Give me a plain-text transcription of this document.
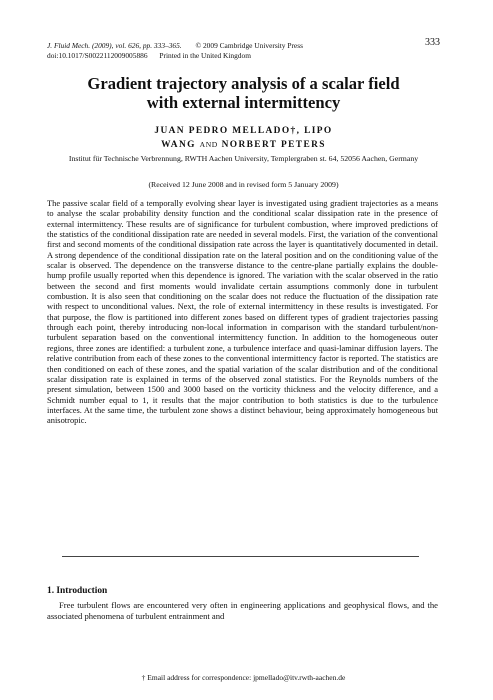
J. Fluid Mech. (2009), vol. 626, pp. 333–365. © 2009 Cambridge University Press	333
doi:10.1017/S0022112009005886 Printed in the United Kingdom
Gradient trajectory analysis of a scalar field
with external intermittency
JUAN PEDRO MELLADO†, LIPO
WANG AND NORBERT PETERS
Institut für Technische Verbrennung, RWTH Aachen University, Templergraben st. 64, 52056 Aachen, Germany
(Received 12 June 2008 and in revised form 5 January 2009)
The passive scalar field of a temporally evolving shear layer is investigated using gradient trajectories as a means to analyse the scalar probability density function and the conditional scalar dissipation rate in the presence of external intermittency. These results are of significance for turbulent combustion, where improved predictions of the statistics of the conditional dissipation rate are needed in several models. First, the variation of the conventional first and second moments of the conditional dissipation rate across the layer is quantitatively documented in detail. A strong dependence of the conditional dissipation rate on the lateral position and on the conditioning value of the scalar is observed. The dependence on the transverse distance to the centre-plane partially explains the double-hump profile usually reported when this dependence is ignored. The variation with the scalar observed in the ratio between the second and first moments would invalidate certain assumptions commonly done in turbulent combustion. It is also seen that conditioning on the scalar does not reduce the fluctuation of the dissipation rate with respect to unconditional values. Next, the role of external intermittency in these results is investigated. For that purpose, the flow is partitioned into different zones based on different types of gradient trajectories passing through each point, thereby introducing non-local information in comparison with the standard turbulent/non-turbulent separation based on the conventional intermittency function. In addition to the homogeneous outer regions, three zones are identified: a turbulent zone, a turbulence interface and quasi-laminar diffusion layers. The relative contribution from each of these zones to the conventional intermittency factor is reported. The statistics are then conditioned on each of these zones, and the spatial variation of the scalar distribution and of the conditional scalar dissipation rate is explained in terms of the observed zonal statistics. For the Reynolds numbers of the present simulation, between 1500 and 3000 based on the vorticity thickness and the velocity difference, and a Schmidt number equal to 1, it results that the major contribution to both statistics is due to the turbulence interfaces. At the same time, the turbulent zone shows a distinct behaviour, being approximately homogeneous but anisotropic.
1. Introduction
Free turbulent flows are encountered very often in engineering applications and geophysical flows, and the associated phenomena of turbulent entrainment and
† Email address for correspondence: jpmellado@itv.rwth-aachen.de
